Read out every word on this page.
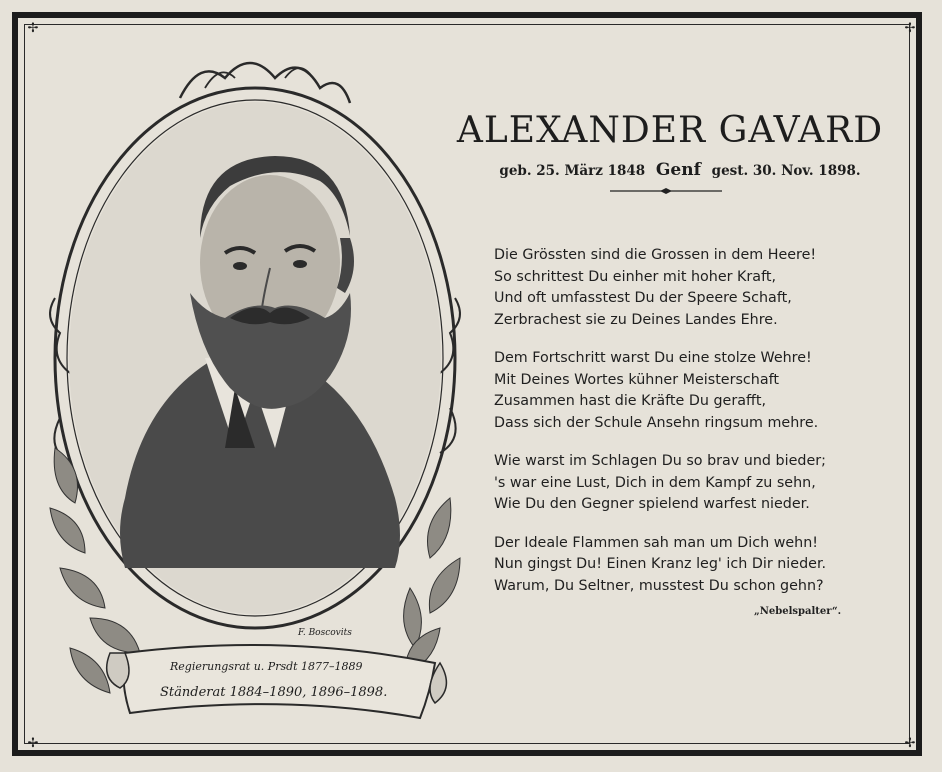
✢	✢
✢	✢
F. Boscovits
Regierungsrat u. Prsdt 1877–1889
Ständerat 1884–1890, 1896–1898.
ALEXANDER GAVARD
geb. 25. März 1848 Genf gest. 30. Nov. 1898.
Die Grössten sind die Grossen in dem Heere!
So schrittest Du einher mit hoher Kraft,
Und oft umfasstest Du der Speere Schaft,
Zerbrachest sie zu Deines Landes Ehre.
Dem Fortschritt warst Du eine stolze Wehre!
Mit Deines Wortes kühner Meisterschaft
Zusammen hast die Kräfte Du gerafft,
Dass sich der Schule Ansehn ringsum mehre.
Wie warst im Schlagen Du so brav und bieder;
's war eine Lust, Dich in dem Kampf zu sehn,
Wie Du den Gegner spielend warfest nieder.
Der Ideale Flammen sah man um Dich wehn!
Nun gingst Du! Einen Kranz leg' ich Dir nieder.
Warum, Du Seltner, musstest Du schon gehn?
„Nebelspalter“.
